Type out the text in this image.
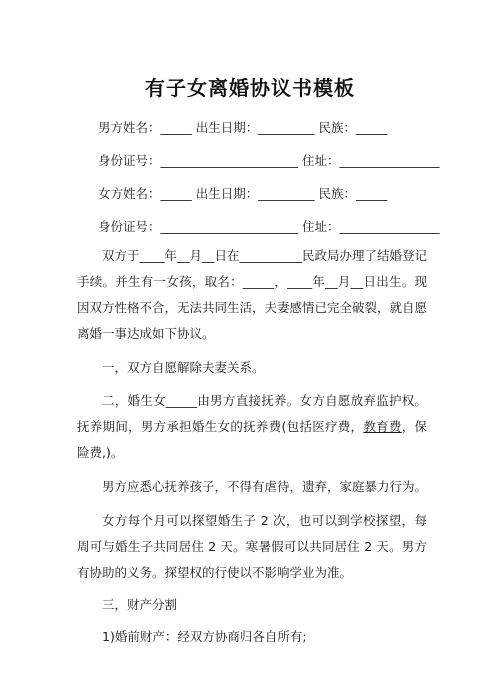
有子女离婚协议书模板
男方姓名：_____ 出生日期：_________ 民族：_____
身份证号：______________________ 住址：________________
女方姓名：_____ 出生日期：_________ 民族：_____
身份证号：______________________ 住址：________________
双方于____年__月__日在__________民政局办理了结婚登记手续。并生有一女孩，取名：_____，____年__月__日出生。现因双方性格不合，无法共同生活，夫妻感情已完全破裂，就自愿离婚一事达成如下协议。
一，双方自愿解除夫妻关系。
二，婚生女_____由男方直接抚养。女方自愿放弃监护权。抚养期间，男方承担婚生女的抚养费(包括医疗费，教育费，保险费,)。
男方应悉心抚养孩子，不得有虐待，遗弃，家庭暴力行为。
女方每个月可以探望婚生子 2 次，也可以到学校探望，每周可与婚生子共同居住 2 天。寒暑假可以共同居住 2 天。男方有协助的义务。探望权的行使以不影响学业为准。
三，财产分割
1)婚前财产：经双方协商归各自所有;
